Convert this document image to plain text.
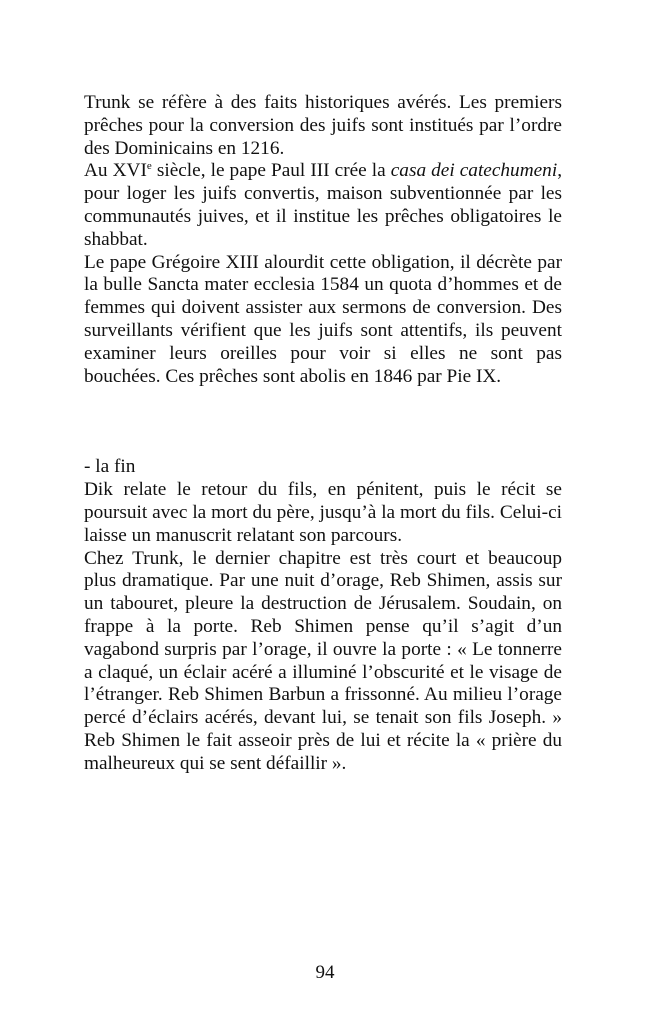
Trunk se réfère à des faits historiques avérés. Les premiers prêches pour la conversion des juifs sont institués par l’ordre des Dominicains en 1216.

Au XVIe siècle, le pape Paul III crée la casa dei catechumeni, pour loger les juifs convertis, maison subventionnée par les communautés juives, et il institue les prêches obligatoires le shabbat.

Le pape Grégoire XIII alourdit cette obligation, il décrète par la bulle Sancta mater ecclesia 1584 un quota d’hommes et de femmes qui doivent assister aux sermons de conversion. Des surveillants vérifient que les juifs sont attentifs, ils peuvent examiner leurs oreilles pour voir si elles ne sont pas bouchées. Ces prêches sont abolis en 1846 par Pie IX.

- la fin

Dik relate le retour du fils, en pénitent, puis le récit se poursuit avec la mort du père, jusqu’à la mort du fils. Celui-ci laisse un manuscrit relatant son parcours.

Chez Trunk, le dernier chapitre est très court et beaucoup plus dramatique. Par une nuit d’orage, Reb Shimen, assis sur un tabouret, pleure la destruction de Jérusalem. Soudain, on frappe à la porte. Reb Shimen pense qu’il s’agit d’un vagabond surpris par l’orage, il ouvre la porte : « Le tonnerre a claqué, un éclair acéré a illuminé l’obscurité et le visage de l’étranger. Reb Shimen Barbun a frissonné. Au milieu l’orage percé d’éclairs acérés, devant lui, se tenait son fils Joseph. » Reb Shimen le fait asseoir près de lui et récite la « prière du malheureux qui se sent défaillir ».

94
